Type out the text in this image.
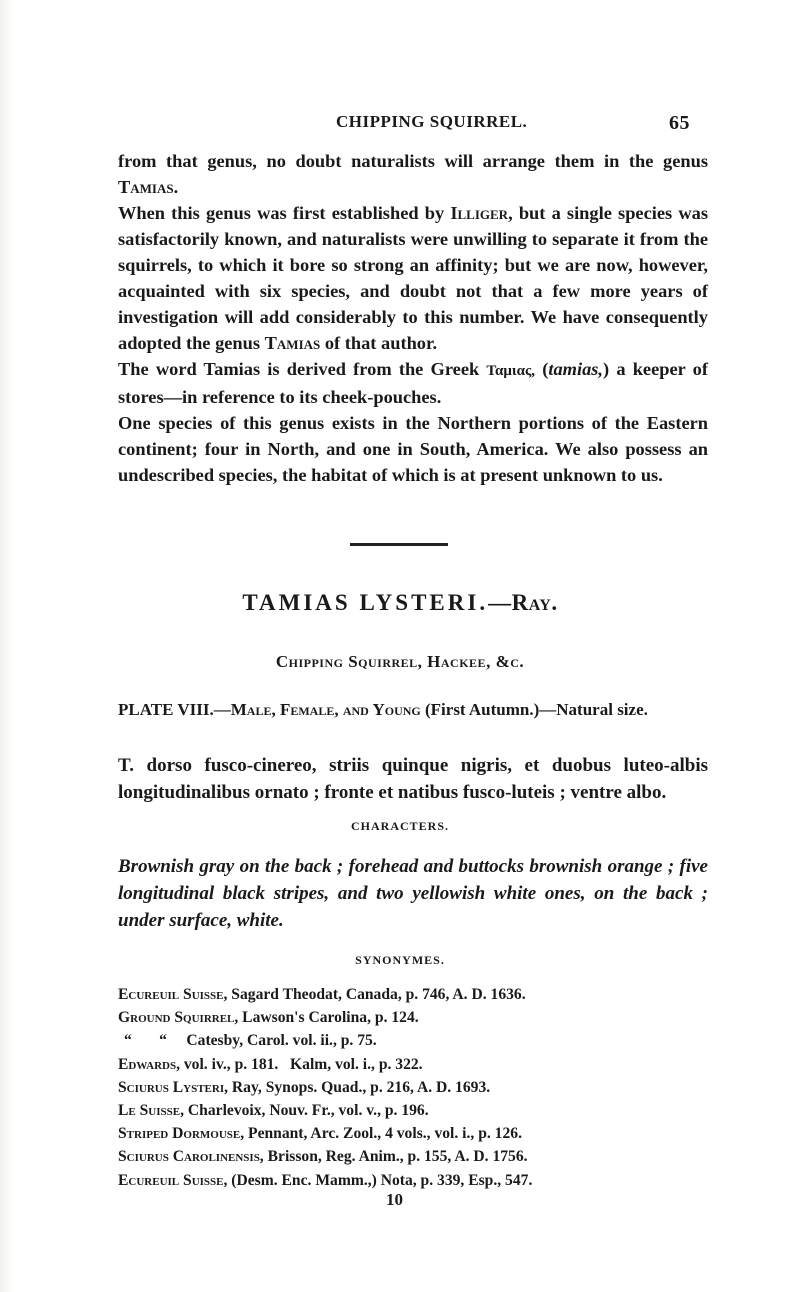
CHIPPING SQUIRREL.	65

from that genus, no doubt naturalists will arrange them in the genus Tamias.

When this genus was first established by Illiger, but a single species was satisfactorily known, and naturalists were unwilling to separate it from the squirrels, to which it bore so strong an affinity; but we are now, however, acquainted with six species, and doubt not that a few more years of investigation will add considerably to this number. We have consequently adopted the genus Tamias of that author.

The word Tamias is derived from the Greek Ταμιας, (tamias,) a keeper of stores—in reference to its cheek-pouches.

One species of this genus exists in the Northern portions of the Eastern continent; four in North, and one in South, America. We also possess an undescribed species, the habitat of which is at present unknown to us.

TAMIAS LYSTERI.—Ray.
Chipping Squirrel, Hackee, &c.
PLATE VIII.—Male, Female, and Young (First Autumn.)—Natural size.
T. dorso fusco-cinereo, striis quinque nigris, et duobus luteo-albis longitudinalibus ornato ; fronte et natibus fusco-luteis ; ventre albo.
CHARACTERS.
Brownish gray on the back ; forehead and buttocks brownish orange ; five longitudinal black stripes, and two yellowish white ones, on the back ; under surface, white.
SYNONYMES.
Ecureuil Suisse, Sagard Theodat, Canada, p. 746, A. D. 1636.
Ground Squirrel, Lawson's Carolina, p. 124.
“       “     Catesby, Carol. vol. ii., p. 75.
Edwards, vol. iv., p. 181.   Kalm, vol. i., p. 322.
Sciurus Lysteri, Ray, Synops. Quad., p. 216, A. D. 1693.
Le Suisse, Charlevoix, Nouv. Fr., vol. v., p. 196.
Striped Dormouse, Pennant, Arc. Zool., 4 vols., vol. i., p. 126.
Sciurus Carolinensis, Brisson, Reg. Anim., p. 155, A. D. 1756.
Ecureuil Suisse, (Desm. Enc. Mamm.,) Nota, p. 339, Esp., 547.
10
